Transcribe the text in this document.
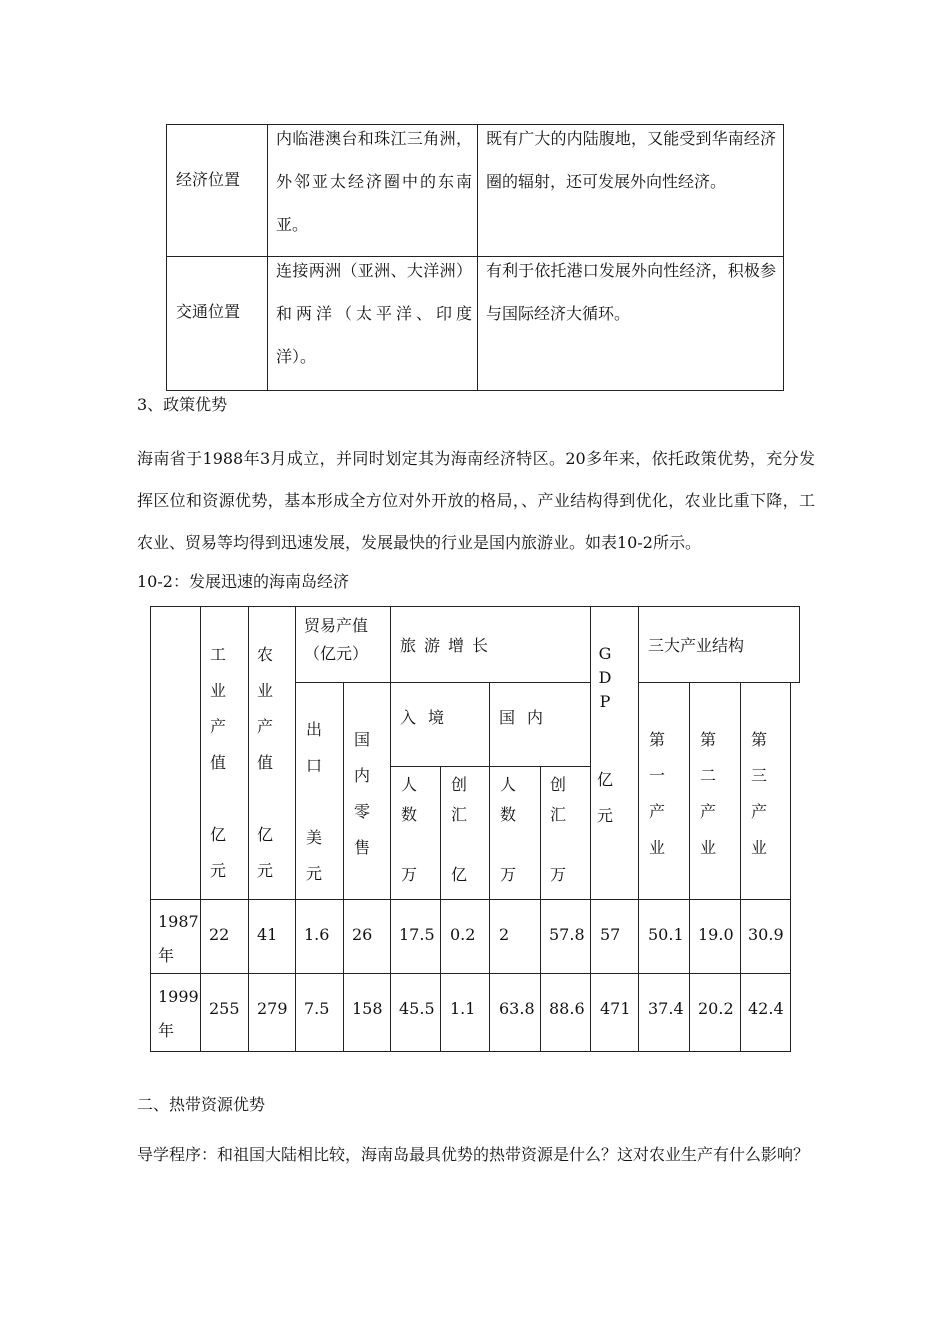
经济位置
内临港澳台和珠江三角洲，外邻亚太经济圈中的东南亚。
既有广大的内陆腹地，又能受到华南经济圈的辐射，还可发展外向性经济。
交通位置
连接两洲（亚洲、大洋洲）和两洋（太平洋、印度洋）。
有利于依托港口发展外向性经济，积极参与国际经济大循环。
3、政策优势
海南省于1988年3月成立，并同时划定其为海南经济特区。20多年来，依托政策优势，充分发挥区位和资源优势，基本形成全方位对外开放的格局，、产业结构得到优化，农业比重下降，工农业、贸易等均得到迅速发展，发展最快的行业是国内旅游业。如表10-2所示。
10-2：发展迅速的海南岛经济
工
业
产
值

亿
元
农
业
产
值

亿
元
贸易产值（亿元）
出
口

美
元
国
内
零
售
旅游增长
入境	国内
人
数

万
创
汇

亿
人
数

万
创
汇

万
G
D
P

亿
元
三大产业结构
第
一
产
业
第
二
产
业
第
三
产
业
1987年
22 41 1.6 26 17.5 0.2 2 57.8 57 50.1 19.0 30.9
1999年
255 279 7.5 158 45.5 1.1 63.8 88.6 471 37.4 20.2 42.4
二、热带资源优势
导学程序：和祖国大陆相比较，海南岛最具优势的热带资源是什么？这对农业生产有什么影响？
